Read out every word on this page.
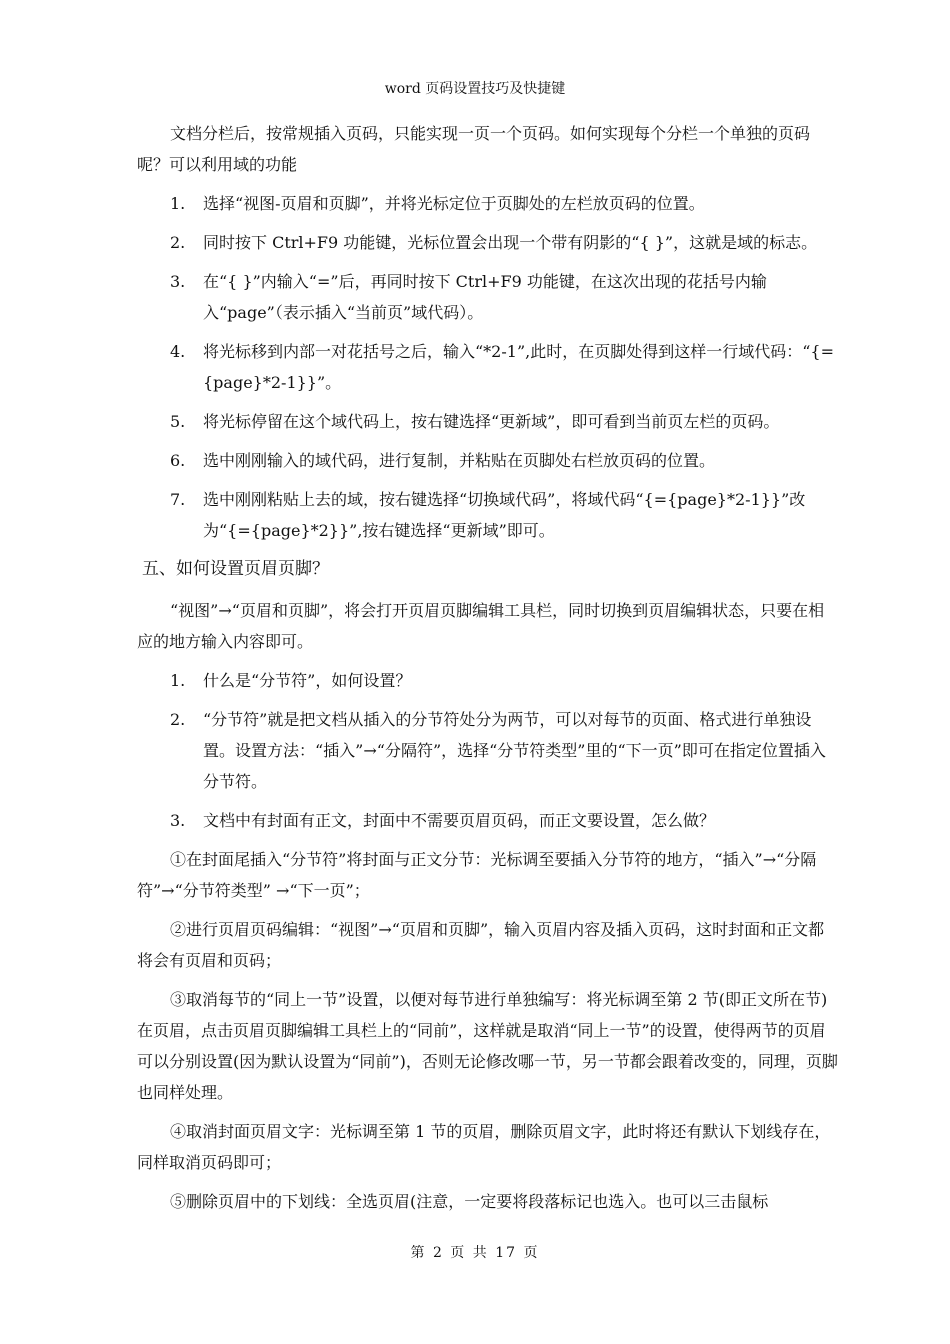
word 页码设置技巧及快捷键

文档分栏后，按常规插入页码，只能实现一页一个页码。如何实现每个分栏一个单独的页码呢？可以利用域的功能

1.	选择“视图-页眉和页脚”，并将光标定位于页脚处的左栏放页码的位置。
2.	同时按下 Ctrl+F9 功能键，光标位置会出现一个带有阴影的“{ }”，这就是域的标志。
3.	在“{ }”内输入“=”后，再同时按下 Ctrl+F9 功能键，在这次出现的花括号内输入“page”（表示插入“当前页”域代码）。
4.	将光标移到内部一对花括号之后，输入“*2-1”,此时，在页脚处得到这样一行域代码：“{={page}*2-1}}”。
5.	将光标停留在这个域代码上，按右键选择“更新域”，即可看到当前页左栏的页码。
6.	选中刚刚输入的域代码，进行复制，并粘贴在页脚处右栏放页码的位置。
7.	选中刚刚粘贴上去的域，按右键选择“切换域代码”，将域代码“{={page}*2-1}}”改为“{={page}*2}}”,按右键选择“更新域”即可。

五、如何设置页眉页脚？

“视图”→“页眉和页脚”，将会打开页眉页脚编辑工具栏，同时切换到页眉编辑状态，只要在相应的地方输入内容即可。

1.	什么是“分节符”，如何设置？
2.	“分节符”就是把文档从插入的分节符处分为两节，可以对每节的页面、格式进行单独设置。设置方法：“插入”→“分隔符”，选择“分节符类型”里的“下一页”即可在指定位置插入分节符。
3.	文档中有封面有正文，封面中不需要页眉页码，而正文要设置，怎么做？

①在封面尾插入“分节符”将封面与正文分节：光标调至要插入分节符的地方，“插入”→“分隔符”→“分节符类型” →“下一页”；

②进行页眉页码编辑：“视图”→“页眉和页脚”，输入页眉内容及插入页码，这时封面和正文都将会有页眉和页码；

③取消每节的“同上一节”设置，以便对每节进行单独编写：将光标调至第 2 节(即正文所在节)在页眉，点击页眉页脚编辑工具栏上的“同前”，这样就是取消“同上一节”的设置，使得两节的页眉可以分别设置(因为默认设置为“同前”)，否则无论修改哪一节，另一节都会跟着改变的，同理，页脚也同样处理。

④取消封面页眉文字：光标调至第 1 节的页眉，删除页眉文字，此时将还有默认下划线存在，同样取消页码即可；

⑤删除页眉中的下划线：全选页眉(注意，一定要将段落标记也选入。也可以三击鼠标

第 2 页 共 17 页
